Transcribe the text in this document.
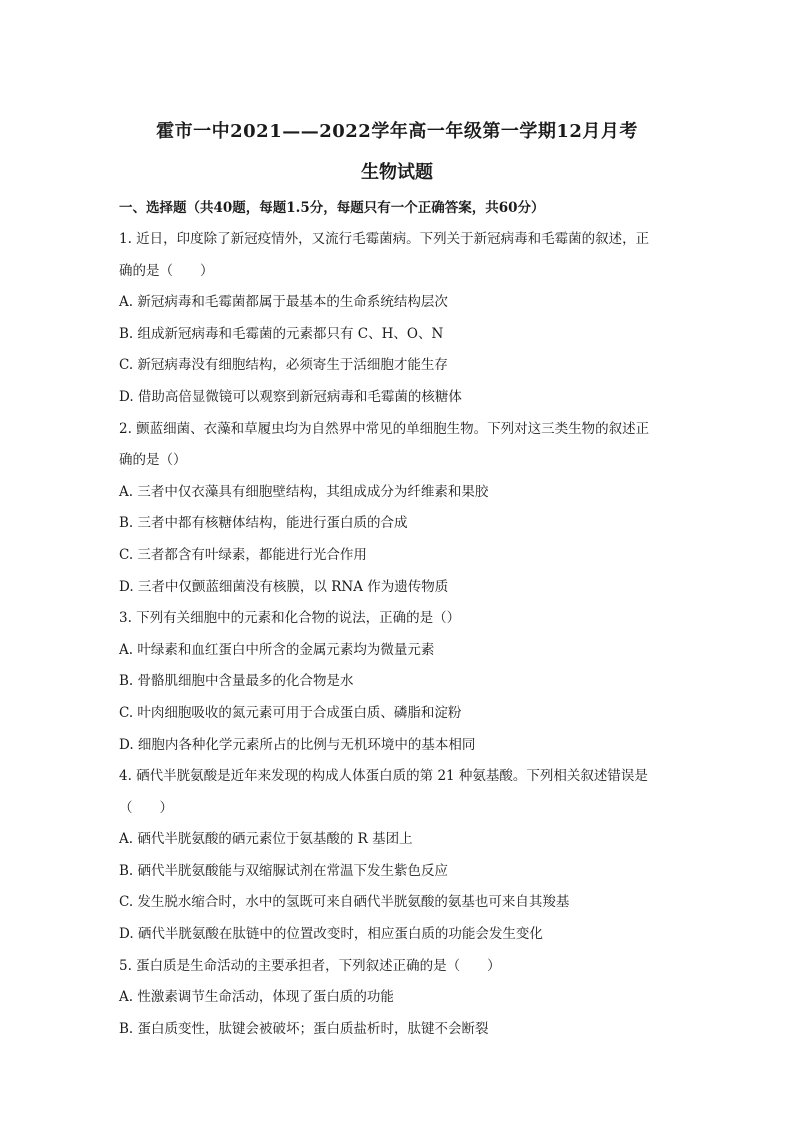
霍市一中2021——2022学年高一年级第一学期12月月考
生物试题
一、选择题（共40题，每题1.5分，每题只有一个正确答案，共60分）
1. 近日，印度除了新冠疫情外，又流行毛霉菌病。下列关于新冠病毒和毛霉菌的叙述，正
确的是（　　）
A. 新冠病毒和毛霉菌都属于最基本的生命系统结构层次
B. 组成新冠病毒和毛霉菌的元素都只有 C、H、O、N
C. 新冠病毒没有细胞结构，必须寄生于活细胞才能生存
D. 借助高倍显微镜可以观察到新冠病毒和毛霉菌的核糖体
2. 颤蓝细菌、衣藻和草履虫均为自然界中常见的单细胞生物。下列对这三类生物的叙述正
确的是（）
A. 三者中仅衣藻具有细胞壁结构，其组成成分为纤维素和果胶
B. 三者中都有核糖体结构，能进行蛋白质的合成
C. 三者都含有叶绿素，都能进行光合作用
D. 三者中仅颤蓝细菌没有核膜，以 RNA 作为遗传物质
3. 下列有关细胞中的元素和化合物的说法，正确的是（）
A. 叶绿素和血红蛋白中所含的金属元素均为微量元素
B. 骨骼肌细胞中含量最多的化合物是水
C. 叶肉细胞吸收的氮元素可用于合成蛋白质、磷脂和淀粉
D. 细胞内各种化学元素所占的比例与无机环境中的基本相同
4. 硒代半胱氨酸是近年来发现的构成人体蛋白质的第 21 种氨基酸。下列相关叙述错误是
（　　）
A. 硒代半胱氨酸的硒元素位于氨基酸的 R 基团上
B. 硒代半胱氨酸能与双缩脲试剂在常温下发生紫色反应
C. 发生脱水缩合时，水中的氢既可来自硒代半胱氨酸的氨基也可来自其羧基
D. 硒代半胱氨酸在肽链中的位置改变时，相应蛋白质的功能会发生变化
5. 蛋白质是生命活动的主要承担者，下列叙述正确的是（　　）
A. 性激素调节生命活动，体现了蛋白质的功能
B. 蛋白质变性，肽键会被破坏；蛋白质盐析时，肽键不会断裂
